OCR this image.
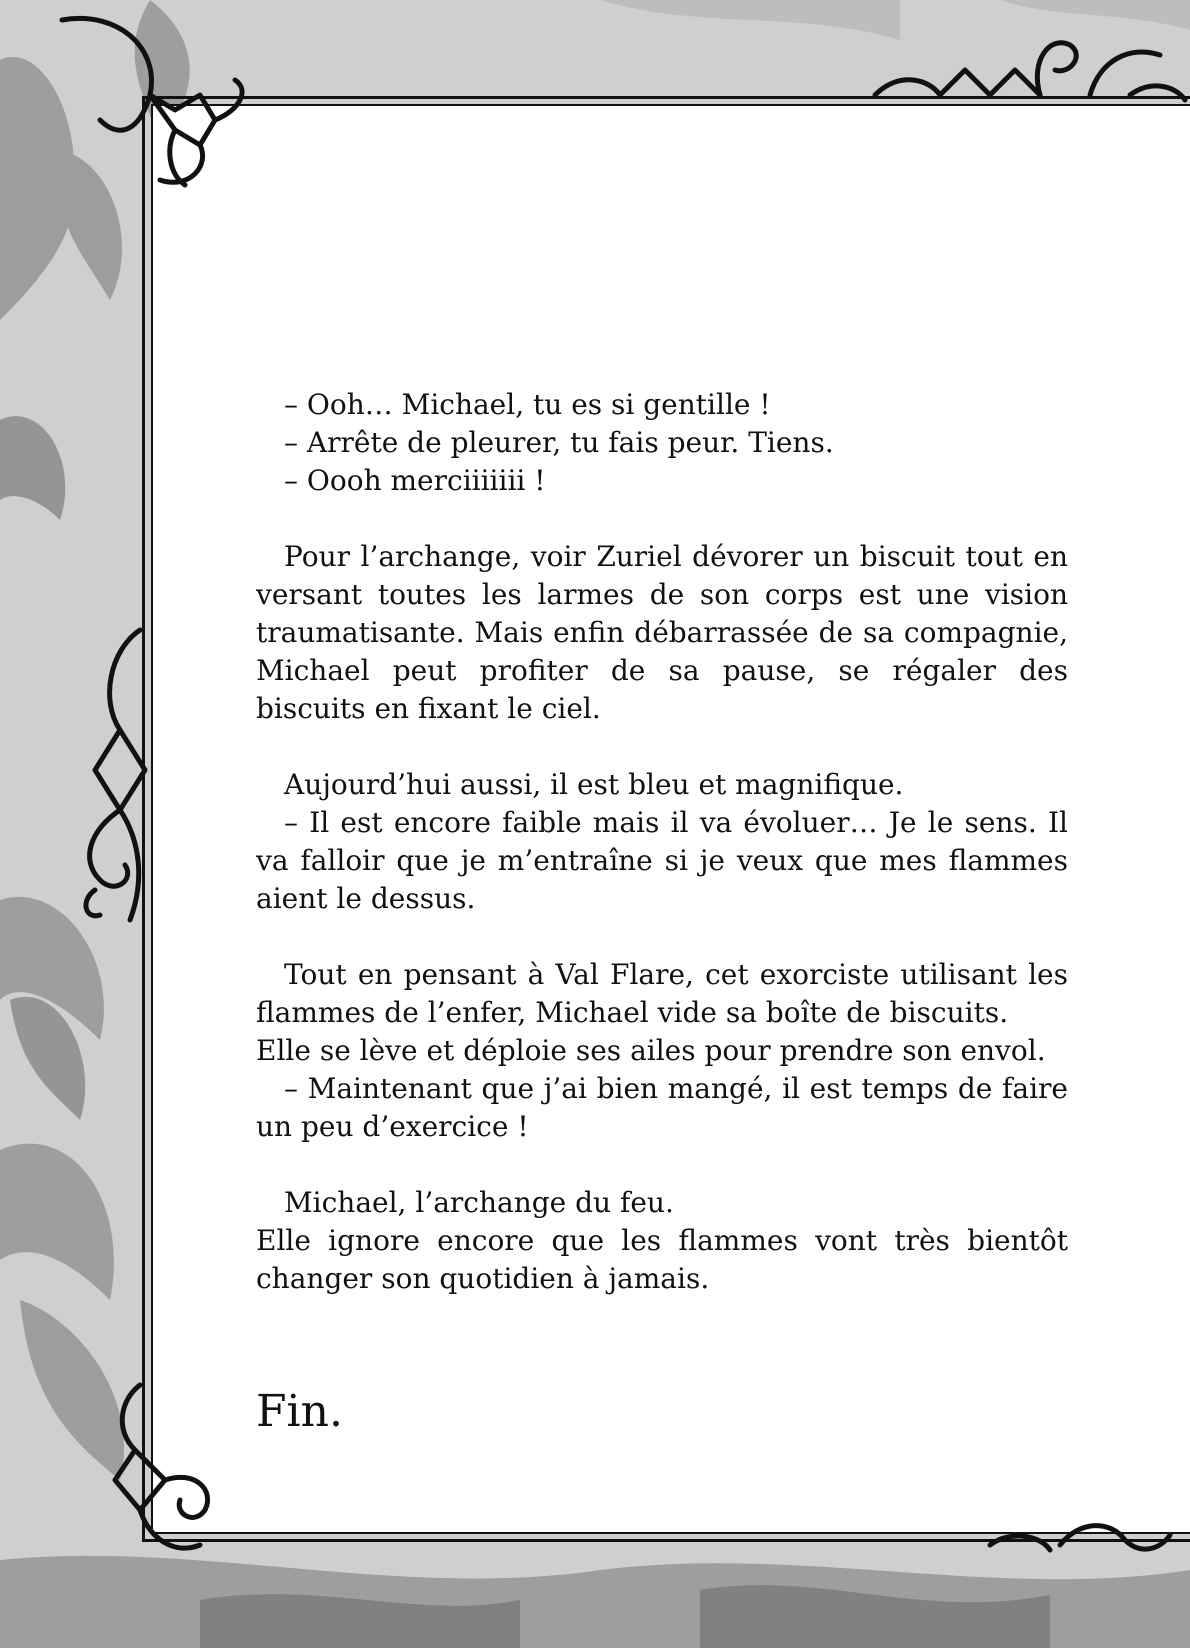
– Ooh… Michael, tu es si gentille !

– Arrête de pleurer, tu fais peur. Tiens.

– Oooh merciiiiiii !

Pour l’archange, voir Zuriel dévorer un biscuit tout en versant toutes les larmes de son corps est une vision traumatisante. Mais enfin débarrassée de sa compagnie, Michael peut profiter de sa pause, se régaler des biscuits en fixant le ciel.

Aujourd’hui aussi, il est bleu et magnifique.

– Il est encore faible mais il va évoluer… Je le sens. Il va falloir que je m’entraîne si je veux que mes flammes aient le dessus.

Tout en pensant à Val Flare, cet exorciste utilisant les flammes de l’enfer, Michael vide sa boîte de biscuits.

Elle se lève et déploie ses ailes pour prendre son envol.

– Maintenant que j’ai bien mangé, il est temps de faire un peu d’exercice !

Michael, l’archange du feu.

Elle ignore encore que les flammes vont très bientôt changer son quotidien à jamais.

Fin.
